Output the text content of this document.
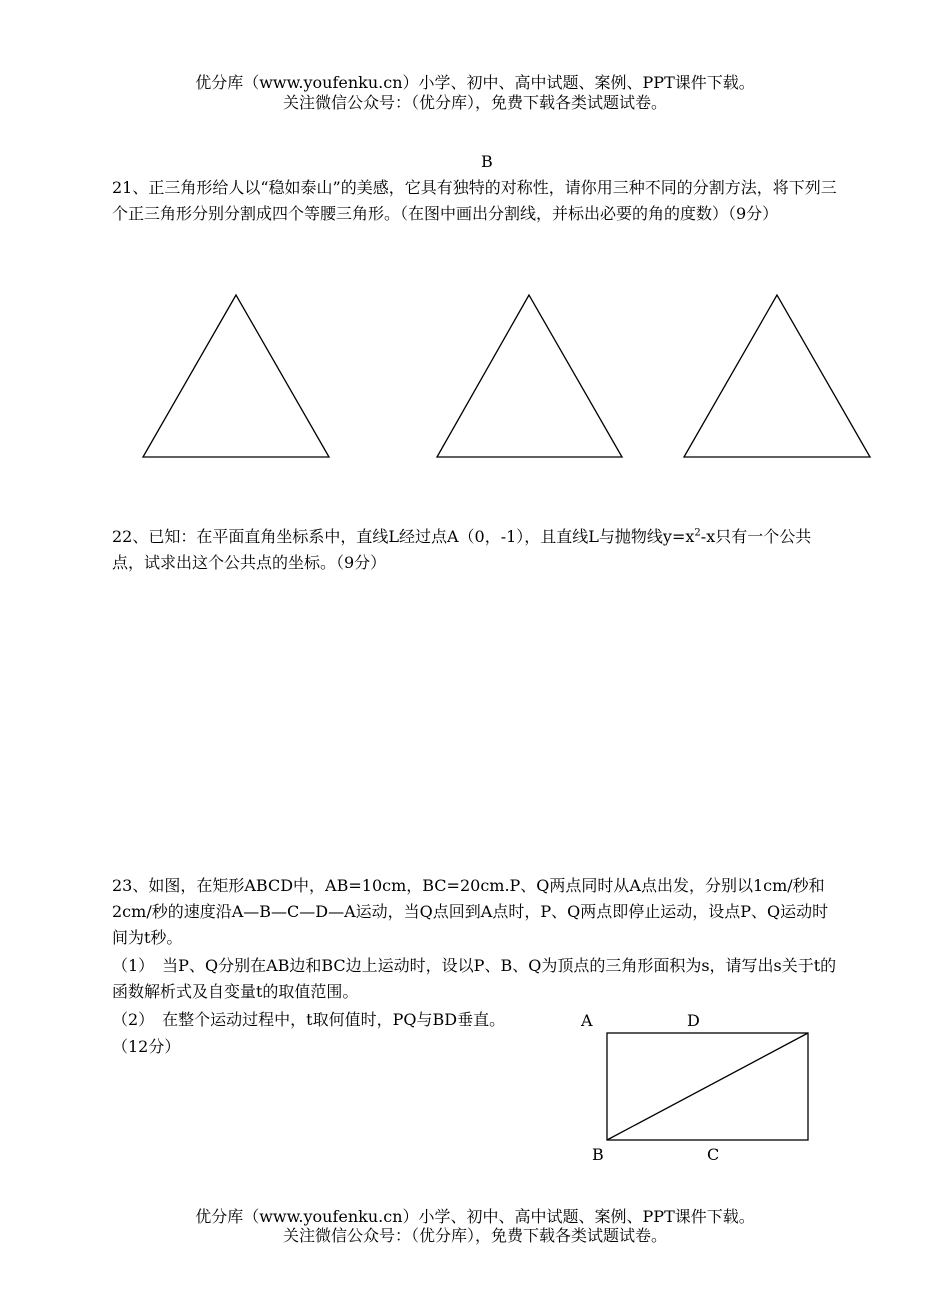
优分库（www.youfenku.cn）小学、初中、高中试题、案例、PPT课件下载。
关注微信公众号：（优分库），免费下载各类试题试卷。
B
21、正三角形给人以“稳如泰山”的美感，它具有独特的对称性，请你用三种不同的分割方法，将下列三个正三角形分别分割成四个等腰三角形。（在图中画出分割线，并标出必要的角的度数）（9分）
22、已知：在平面直角坐标系中，直线L经过点A（0，-1），且直线L与抛物线$y=x^2-x$只有一个公共点，试求出这个公共点的坐标。（9分）
23、如图，在矩形ABCD中，AB=10cm，BC=20cm.P、Q两点同时从A点出发，分别以1cm/秒和2cm/秒的速度沿A—B—C—D—A运动，当Q点回到A点时，P、Q两点即停止运动，设点P、Q运动时间为t秒。
（1）　当P、Q分别在AB边和BC边上运动时，设以P、B、Q为顶点的三角形面积为s，请写出s关于t的函数解析式及自变量t的取值范围。
（2）　在整个运动过程中，t取何值时，PQ与BD垂直。
（12分）
A	D
B	C
优分库（www.youfenku.cn）小学、初中、高中试题、案例、PPT课件下载。
关注微信公众号：（优分库），免费下载各类试题试卷。
